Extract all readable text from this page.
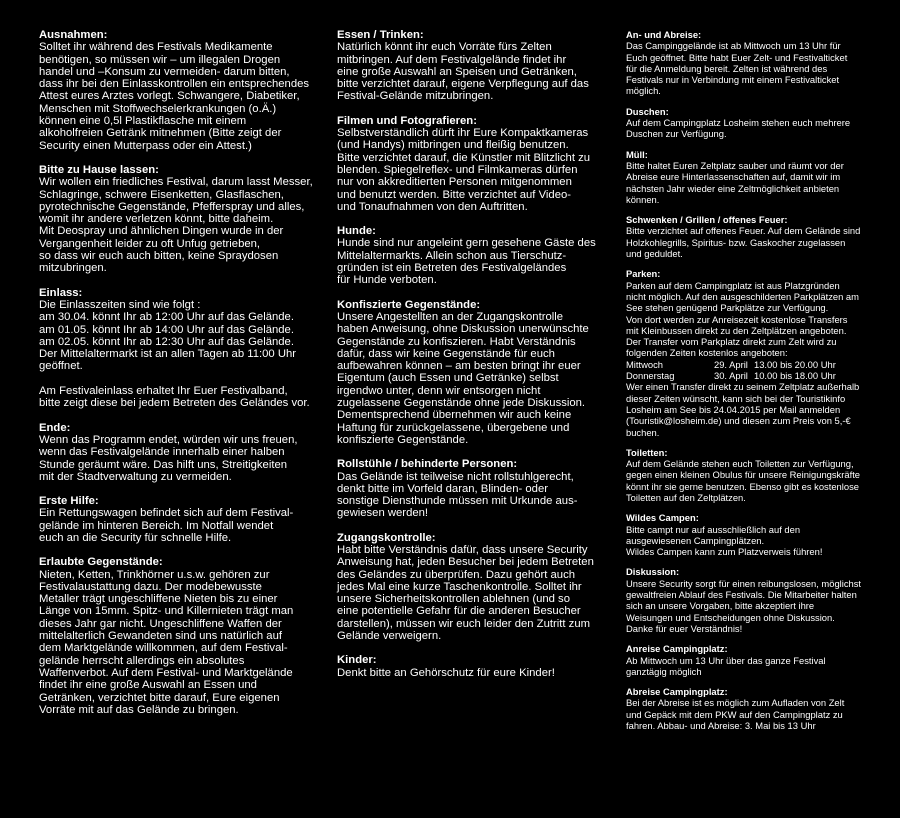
Ausnahmen:
Solltet ihr während des Festivals Medikamente
benötigen, so müssen wir – um illegalen Drogen
handel und –Konsum zu vermeiden- darum bitten,
dass ihr bei den Einlasskontrollen ein entsprechendes
Attest eures Arztes vorlegt. Schwangere, Diabetiker,
Menschen mit Stoffwechselerkrankungen (o.Ä.)
können eine 0,5l Plastikflasche mit einem
alkoholfreien Getränk mitnehmen (Bitte zeigt der
Security einen Mutterpass oder ein Attest.)
Bitte zu Hause lassen:
Wir wollen ein friedliches Festival, darum lasst Messer,
Schlagringe, schwere Eisenketten, Glasflaschen,
pyrotechnische Gegenstände, Pfefferspray und alles,
womit ihr andere verletzen könnt, bitte daheim.
Mit Deospray und ähnlichen Dingen wurde in der
Vergangenheit leider zu oft Unfug getrieben,
so dass wir euch auch bitten, keine Spraydosen
mitzubringen.
Einlass:
Die Einlasszeiten sind wie folgt :
am 30.04. könnt Ihr ab 12:00 Uhr auf das Gelände.
am 01.05. könnt Ihr ab 14:00 Uhr auf das Gelände.
am 02.05. könnt Ihr ab 12:30 Uhr auf das Gelände.
Der Mittelaltermarkt ist an allen Tagen ab 11:00 Uhr
geöffnet.

Am Festivaleinlass erhaltet Ihr Euer Festivalband,
bitte zeigt diese bei jedem Betreten des Geländes vor.
Ende:
Wenn das Programm endet, würden wir uns freuen,
wenn das Festivalgelände innerhalb einer halben
Stunde geräumt wäre. Das hilft uns, Streitigkeiten
mit der Stadtverwaltung zu vermeiden.
Erste Hilfe:
Ein Rettungswagen befindet sich auf dem Festival-
gelände im hinteren Bereich. Im Notfall wendet
euch an die Security für schnelle Hilfe.
Erlaubte Gegenstände:
Nieten, Ketten, Trinkhörner u.s.w. gehören zur
Festivalaustattung dazu. Der modebewusste
Metaller trägt ungeschliffene Nieten bis zu einer
Länge von 15mm. Spitz- und Killernieten trägt man
dieses Jahr gar nicht. Ungeschliffene Waffen der
mittelalterlich Gewandeten sind uns natürlich auf
dem Marktgelände willkommen, auf dem Festival-
gelände herrscht allerdings ein absolutes
Waffenverbot. Auf dem Festival- und Marktgelände
findet ihr eine große Auswahl an Essen und
Getränken, verzichtet bitte darauf, Eure eigenen
Vorräte mit auf das Gelände zu bringen.
Essen / Trinken:
Natürlich könnt ihr euch Vorräte fürs Zelten
mitbringen. Auf dem Festivalgelände findet ihr
eine große Auswahl an Speisen und Getränken,
bitte verzichtet darauf, eigene Verpflegung auf das
Festival-Gelände mitzubringen.
Filmen und Fotografieren:
Selbstverständlich dürft ihr Eure Kompaktkameras
(und Handys) mitbringen und fleißig benutzen.
Bitte verzichtet darauf, die Künstler mit Blitzlicht zu
blenden. Spiegelreflex- und Filmkameras dürfen
nur von akkreditierten Personen mitgenommen
und benutzt werden. Bitte verzichtet auf Video-
und Tonaufnahmen von den Auftritten.
Hunde:
Hunde sind nur angeleint gern gesehene Gäste des
Mittelaltermarkts. Allein schon aus Tierschutz-
gründen ist ein Betreten des Festivalgeländes
für Hunde verboten.
Konfiszierte Gegenstände:
Unsere Angestellten an der Zugangskontrolle
haben Anweisung, ohne Diskussion unerwünschte
Gegenstände zu konfiszieren. Habt Verständnis
dafür, dass wir keine Gegenstände für euch
aufbewahren können – am besten bringt ihr euer
Eigentum (auch Essen und Getränke) selbst
irgendwo unter, denn wir entsorgen nicht
zugelassene Gegenstände ohne jede Diskussion.
Dementsprechend übernehmen wir auch keine
Haftung für zurückgelassene, übergebene und
konfiszierte Gegenstände.
Rollstühle / behinderte Personen:
Das Gelände ist teilweise nicht rollstuhlgerecht,
denkt bitte im Vorfeld daran, Blinden- oder
sonstige Diensthunde müssen mit Urkunde aus-
gewiesen werden!
Zugangskontrolle:
Habt bitte Verständnis dafür, dass unsere Security
Anweisung hat, jeden Besucher bei jedem Betreten
des Geländes zu überprüfen. Dazu gehört auch
jedes Mal eine kurze Taschenkontrolle. Solltet ihr
unsere Sicherheitskontrollen ablehnen (und so
eine potentielle Gefahr für die anderen Besucher
darstellen), müssen wir euch leider den Zutritt zum
Gelände verweigern.
Kinder:
Denkt bitte an Gehörschutz für eure Kinder!
An- und Abreise:
Das Campinggelände ist ab Mittwoch um 13 Uhr für
Euch geöffnet. Bitte habt Euer Zelt- und Festivalticket
für die Anmeldung bereit. Zelten ist während des
Festivals nur in Verbindung mit einem Festivalticket
möglich.
Duschen:
Auf dem Campingplatz Losheim stehen euch mehrere
Duschen zur Verfügung.
Müll:
Bitte haltet Euren Zeltplatz sauber und räumt vor der
Abreise eure Hinterlassenschaften auf, damit wir im
nächsten Jahr wieder eine Zeltmöglichkeit anbieten
können.
Schwenken / Grillen / offenes Feuer:
Bitte verzichtet auf offenes Feuer. Auf dem Gelände sind
Holzkohlegrills, Spiritus- bzw. Gaskocher zugelassen
und geduldet.
Parken:
Parken auf dem Campingplatz ist aus Platzgründen
nicht möglich. Auf den ausgeschilderten Parkplätzen am
See stehen genügend Parkplätze zur Verfügung.
Von dort werden zur Anreisezeit kostenlose Transfers
mit Kleinbussen direkt zu den Zeltplätzen angeboten.
Der Transfer vom Parkplatz direkt zum Zelt wird zu
folgenden Zeiten kostenlos angeboten:
Mittwoch	29. April 13.00 bis 20.00 Uhr
Donnerstag	30. April 10.00 bis 18.00 Uhr
Wer einen Transfer direkt zu seinem Zeltplatz außerhalb
dieser Zeiten wünscht, kann sich bei der Touristikinfo
Losheim am See bis 24.04.2015 per Mail anmelden
(Touristik@losheim.de) und diesen zum Preis von 5,-€
buchen.
Toiletten:
Auf dem Gelände stehen euch Toiletten zur Verfügung,
gegen einen kleinen Obulus für unsere Reinigungskräfte
könnt ihr sie gerne benutzen. Ebenso gibt es kostenlose
Toiletten auf den Zeltplätzen.
Wildes Campen:
Bitte campt nur auf ausschließlich auf den
ausgewiesenen Campingplätzen.
Wildes Campen kann zum Platzverweis führen!
Diskussion:
Unsere Security sorgt für einen reibungslosen, möglichst
gewaltfreien Ablauf des Festivals. Die Mitarbeiter halten
sich an unsere Vorgaben, bitte akzeptiert ihre
Weisungen und Entscheidungen ohne Diskussion.
Danke für euer Verständnis!
Anreise Campingplatz:
Ab Mittwoch um 13 Uhr über das ganze Festival
ganztägig möglich
Abreise Campingplatz:
Bei der Abreise ist es möglich zum Aufladen von Zelt
und Gepäck mit dem PKW auf den Campingplatz zu
fahren. Abbau- und Abreise: 3. Mai bis 13 Uhr
